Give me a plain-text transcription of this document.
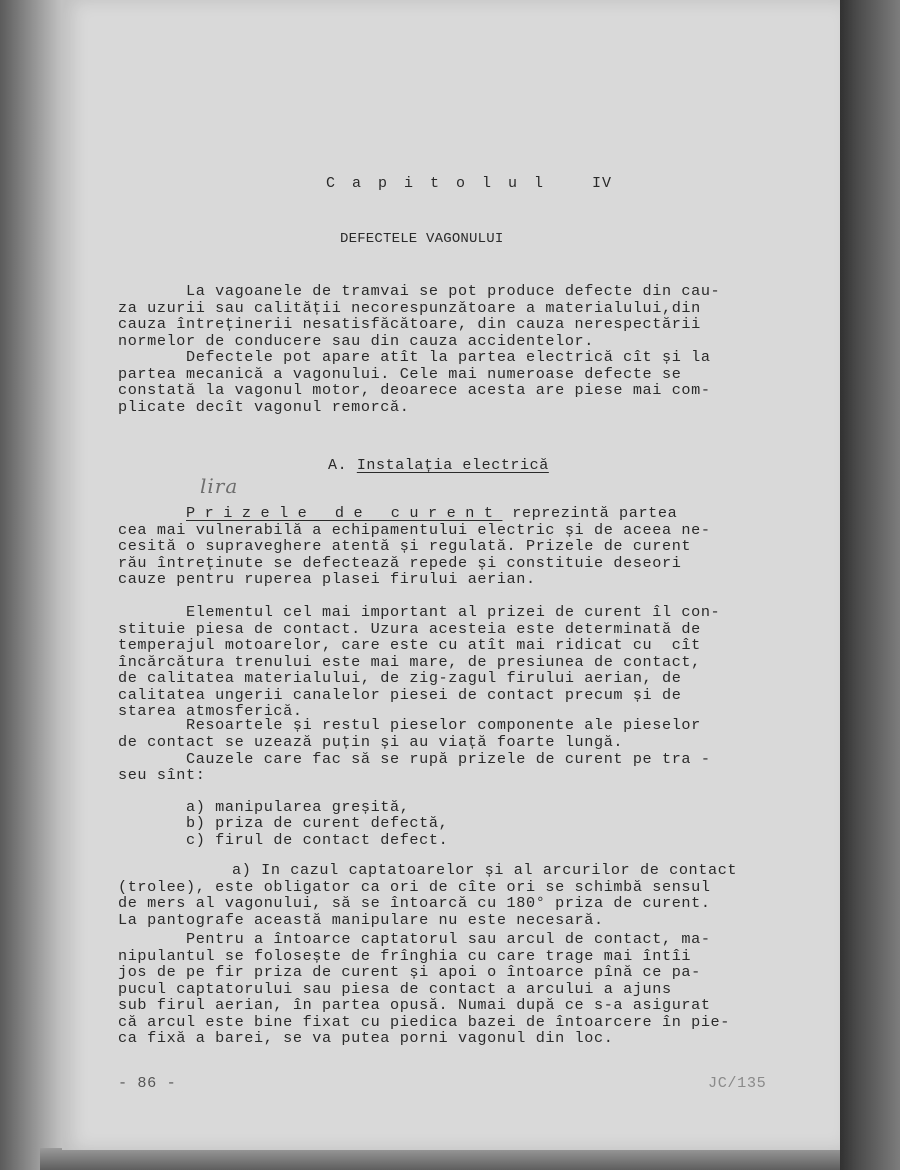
C a p i t o l u l   IV
DEFECTELE VAGONULUI
La vagoanele de tramvai se pot produce defecte din cau-
za uzurii sau calității necorespunzătoare a materialului,din
cauza întreținerii nesatisfăcătoare, din cauza nerespectării
normelor de conducere sau din cauza accidentelor.
Defectele pot apare atît la partea electrică cît și la
partea mecanică a vagonului. Cele mai numeroase defecte se
constată la vagonul motor, deoarece acesta are piese mai com-
plicate decît vagonul remorcă.
A. Instalația electrică
lira
Prizele de curent reprezintă partea
cea mai vulnerabilă a echipamentului electric și de aceea ne-
cesită o supraveghere atentă și regulată. Prizele de curent
rău întreținute se defectează repede și constituie deseori
cauze pentru ruperea plasei firului aerian.
Elementul cel mai important al prizei de curent îl con-
stituie piesa de contact. Uzura acesteia este determinată de
temperajul motoarelor, care este cu atît mai ridicat cu  cît
încărcătura trenului este mai mare, de presiunea de contact,
de calitatea materialului, de zig-zagul firului aerian, de
calitatea ungerii canalelor piesei de contact precum și de
starea atmosferică.
Resoartele și restul pieselor componente ale pieselor
de contact se uzează puțin și au viață foarte lungă.
Cauzele care fac să se rupă prizele de curent pe tra -
seu sînt:
a) manipularea greșită,
b) priza de curent defectă,
c) firul de contact defect.
a) In cazul captatoarelor și al arcurilor de contact
(trolee), este obligator ca ori de cîte ori se schimbă sensul
de mers al vagonului, să se întoarcă cu 180° priza de curent.
La pantografe această manipulare nu este necesară.
Pentru a întoarce captatorul sau arcul de contact, ma-
nipulantul se folosește de frînghia cu care trage mai întîi
jos de pe fir priza de curent și apoi o întoarce pînă ce pa-
pucul captatorului sau piesa de contact a arcului a ajuns
sub firul aerian, în partea opusă. Numai după ce s-a asigurat
că arcul este bine fixat cu piedica bazei de întoarcere în pie-
ca fixă a barei, se va putea porni vagonul din loc.
- 86 -	JC/135
